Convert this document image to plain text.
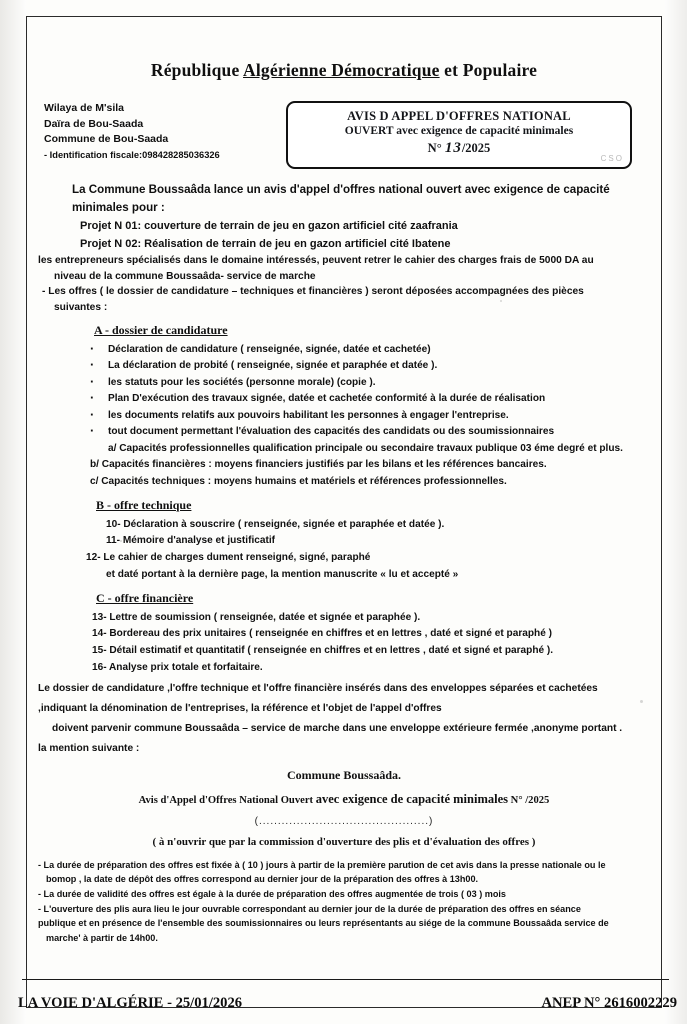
République Algérienne Démocratique et Populaire
Wilaya de M'sila
Daïra de Bou-Saada
Commune de Bou-Saada
- Identification fiscale:098428285036326
AVIS D APPEL D'OFFRES NATIONAL
OUVERT avec exigence de capacité minimales
N° 13/2025
CSO
La Commune Boussaâda lance un avis d'appel d'offres national ouvert avec exigence de capacité minimales pour :
Projet N 01: couverture de terrain de jeu en gazon artificiel cité zaafrania
Projet N 02: Réalisation de terrain de jeu en gazon artificiel cité Ibatene
les entrepreneurs spécialisés dans le domaine intéressés, peuvent retrer le cahier des charges frais de 5000 DA au
niveau de la commune Boussaâda- service de marche
- Les offres ( le dossier de candidature – techniques et financières ) seront déposées accompagnées des pièces
suivantes :
A - dossier de candidature
· Déclaration de candidature ( renseignée, signée, datée et cachetée)
· La déclaration de probité ( renseignée, signée et paraphée et datée ).
· les statuts pour les sociétés (personne morale) (copie ).
· Plan D'exécution des travaux signée, datée et cachetée conformité à la durée de réalisation
· les documents relatifs aux pouvoirs habilitant les personnes à engager l'entreprise.
· tout document permettant l'évaluation des capacités des candidats ou des soumissionnaires
a/ Capacités professionnelles qualification principale ou secondaire travaux publique 03 éme degré et plus.
b/ Capacités financières : moyens financiers justifiés par les bilans et les références bancaires.
c/ Capacités techniques : moyens humains et matériels et références professionnelles.
B - offre technique
10- Déclaration à souscrire ( renseignée, signée et paraphée et datée ).
11- Mémoire d'analyse et justificatif
12- Le cahier de charges dument renseigné, signé, paraphé
et daté portant à la dernière page, la mention manuscrite « lu et accepté »
C - offre financière
13- Lettre de soumission ( renseignée, datée et signée et paraphée ).
14- Bordereau des prix unitaires ( renseignée en chiffres et en lettres , daté et signé et paraphé )
15- Détail estimatif et quantitatif ( renseignée en chiffres et en lettres , daté et signé et paraphé ).
16- Analyse prix totale et forfaitaire.
Le dossier de candidature ,l'offre technique et l'offre financière insérés dans des enveloppes séparées et cachetées
,indiquant la dénomination de l'entreprises, la référence et l'objet de l'appel d'offres
doivent parvenir commune Boussaâda – service de marche dans une enveloppe extérieure fermée ,anonyme portant .
la mention suivante :
Commune Boussaâda.
Avis d'Appel d'Offres National Ouvert avec exigence de capacité minimales N° /2025
(.............................................)
( à n'ouvrir que par la commission d'ouverture des plis et d'évaluation des offres )
- La durée de préparation des offres est fixée à ( 10 ) jours à partir de la première parution de cet avis dans la presse nationale ou le
bomop , la date de dépôt des offres correspond au dernier jour de la préparation des offres à 13h00.
- La durée de validité des offres est égale à la durée de préparation des offres augmentée de trois ( 03 ) mois
- L'ouverture des plis aura lieu le jour ouvrable correspondant au dernier jour de la durée de préparation des offres en séance
publique et en présence de l'ensemble des soumissionnaires ou leurs représentants au siége de la commune Boussaâda service de
marche' à partir de 14h00.
LA VOIE D'ALGÉRIE - 25/01/2026	ANEP N° 2616002229
